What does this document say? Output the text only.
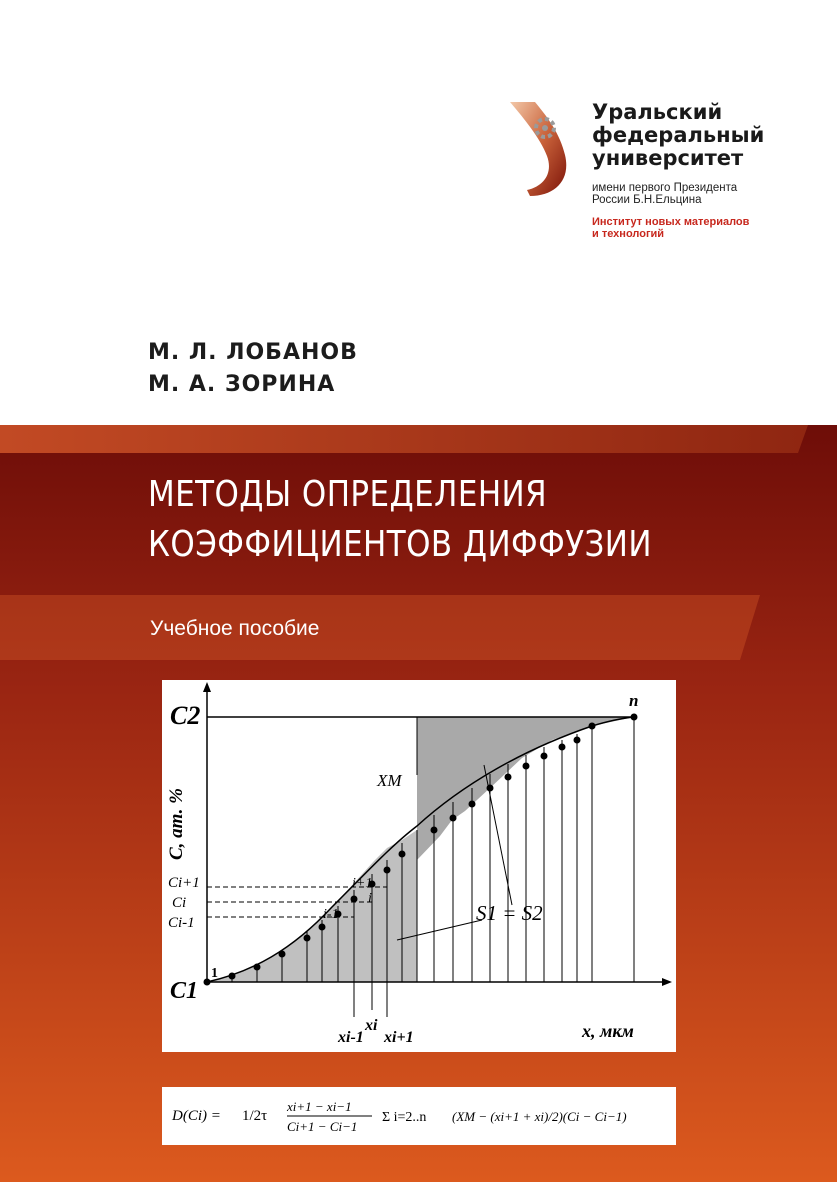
Уральский
федеральный
университет
имени первого Президента
России Б.Н.Ельцина
Институт новых материалов
и технологий
М. Л. ЛОБАНОВ
М. А. ЗОРИНА
МЕТОДЫ ОПРЕДЕЛЕНИЯ
КОЭФФИЦИЕНТОВ ДИФФУЗИИ
Учебное пособие
C2
C1
Ci+1
Ci
Ci-1
C, ат. %
x, мкм
XM
n
1
i+1
i
i-1
xi-1
xi
xi+1
S1 = S2
D(Ci) = 1/2τ
xi+1 − xi−1
Ci+1 − Ci−1
Σ i=2..n (XM − (xi+1 + xi)/2)(Ci − Ci−1)
